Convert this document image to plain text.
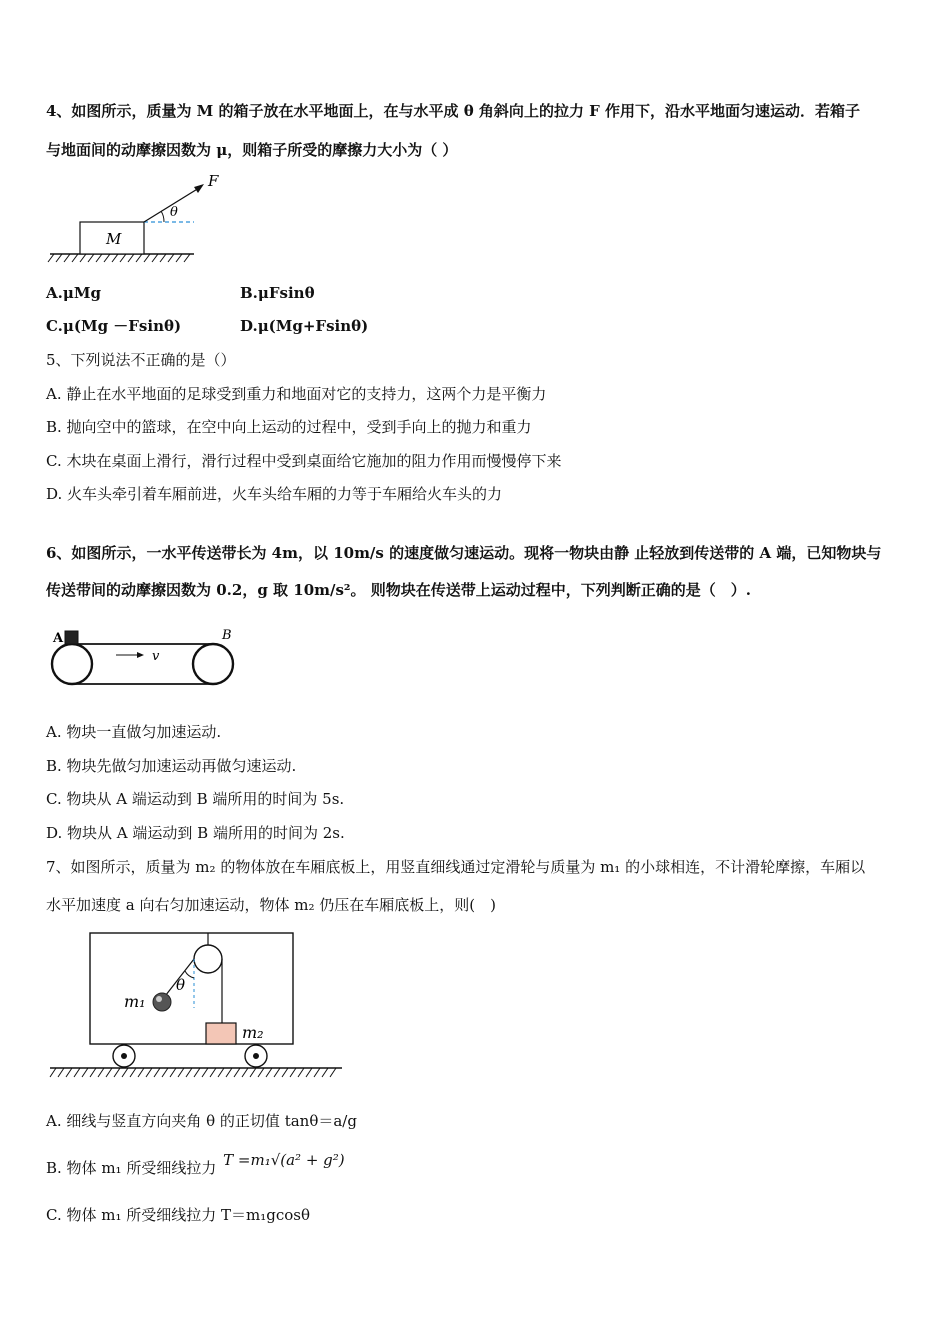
4、如图所示，质量为 M 的箱子放在水平地面上，在与水平成 θ 角斜向上的拉力 F 作用下，沿水平地面匀速运动．若箱子
与地面间的动摩擦因数为 μ，则箱子所受的摩擦力大小为（ ）
M
θ
F
A.μMg	B.μFsinθ
C.μ(Mg －Fsinθ)	D.μ(Mg+Fsinθ)
5、下列说法不正确的是（）
A. 静止在水平地面的足球受到重力和地面对它的支持力，这两个力是平衡力
B. 抛向空中的篮球，在空中向上运动的过程中，受到手向上的抛力和重力
C. 木块在桌面上滑行，滑行过程中受到桌面给它施加的阻力作用而慢慢停下来
D. 火车头牵引着车厢前进，火车头给车厢的力等于车厢给火车头的力
6、如图所示，一水平传送带长为 4m，以 10m/s 的速度做匀速运动。现将一物块由静 止轻放到传送带的 A 端，已知物块与
传送带间的动摩擦因数为 0.2，g 取 10m/s²。 则物块在传送带上运动过程中，下列判断正确的是（　）.
A	B
v
A. 物块一直做匀加速运动.
B. 物块先做匀加速运动再做匀速运动.
C. 物块从 A 端运动到 B 端所用的时间为 5s.
D. 物块从 A 端运动到 B 端所用的时间为 2s.
7、如图所示，质量为 m₂ 的物体放在车厢底板上，用竖直细线通过定滑轮与质量为 m₁ 的小球相连，不计滑轮摩擦，车厢以
水平加速度 a 向右匀加速运动，物体 m₂ 仍压在车厢底板上，则(　)
θ
m₁
m₂
A. 细线与竖直方向夹角 θ 的正切值 tanθ＝a/g
B. 物体 m₁ 所受细线拉力 T =m₁√(a² + g²)
C. 物体 m₁ 所受细线拉力 T＝m₁gcosθ
